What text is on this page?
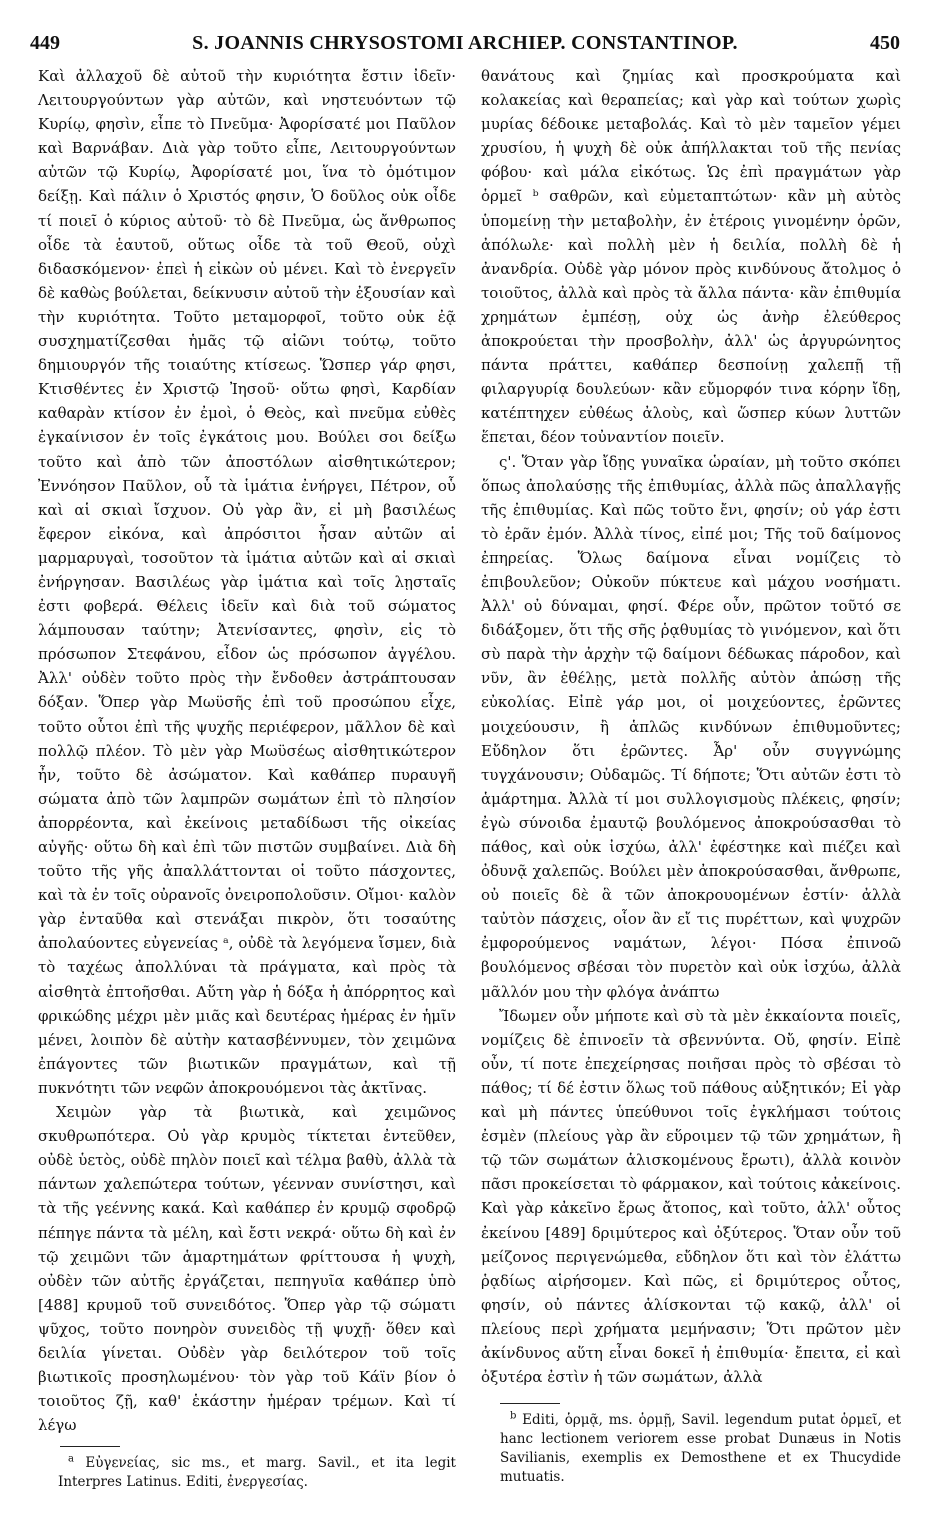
449	S. JOANNIS CHRYSOSTOMI ARCHIEP. CONSTANTINOP.	450

Καὶ ἀλλαχοῦ δὲ αὐτοῦ τὴν κυριότητα ἔστιν ἰδεῖν· Λειτουργούντων γὰρ αὐτῶν, καὶ νηστευόντων τῷ Κυρίῳ, φησὶν, εἶπε τὸ Πνεῦμα· Ἀφορίσατέ μοι Παῦλον καὶ Βαρνάβαν. Διὰ γὰρ τοῦτο εἶπε, Λειτουργούντων αὐτῶν τῷ Κυρίῳ, Ἀφορίσατέ μοι, ἵνα τὸ ὁμότιμον δείξῃ. Καὶ πάλιν ὁ Χριστός φησιν, Ὁ δοῦλος οὐκ οἶδε τί ποιεῖ ὁ κύριος αὐτοῦ· τὸ δὲ Πνεῦμα, ὡς ἄνθρωπος οἶδε τὰ ἑαυτοῦ, οὕτως οἶδε τὰ τοῦ Θεοῦ, οὐχὶ διδασκόμενον· ἐπεὶ ἡ εἰκὼν οὐ μένει. Καὶ τὸ ἐνεργεῖν δὲ καθὼς βούλεται, δείκνυσιν αὐτοῦ τὴν ἐξουσίαν καὶ τὴν κυριότητα. Τοῦτο μεταμορφοῖ, τοῦτο οὐκ ἐᾷ συσχηματίζεσθαι ἡμᾶς τῷ αἰῶνι τούτῳ, τοῦτο δημιουργόν τῆς τοιαύτης κτίσεως. Ὥσπερ γάρ φησι, Κτισθέντες ἐν Χριστῷ Ἰησοῦ· οὕτω φησὶ, Καρδίαν καθαρὰν κτίσον ἐν ἐμοὶ, ὁ Θεὸς, καὶ πνεῦμα εὐθὲς ἐγκαίνισον ἐν τοῖς ἐγκάτοις μου. Βούλει σοι δείξω τοῦτο καὶ ἀπὸ τῶν ἀποστόλων αἰσθητικώτερον; Ἐννόησον Παῦλον, οὗ τὰ ἱμάτια ἐνήργει, Πέτρον, οὗ καὶ αἱ σκιαὶ ἴσχυον. Οὐ γὰρ ἂν, εἰ μὴ βασιλέως ἔφερον εἰκόνα, καὶ ἀπρόσιτοι ἦσαν αὐτῶν αἱ μαρμαρυγαὶ, τοσοῦτον τὰ ἱμάτια αὐτῶν καὶ αἱ σκιαὶ ἐνήργησαν. Βασιλέως γὰρ ἱμάτια καὶ τοῖς λῃσταῖς ἐστι φοβερά. Θέλεις ἰδεῖν καὶ διὰ τοῦ σώματος λάμπουσαν ταύτην; Ἀτενίσαντες, φησὶν, εἰς τὸ πρόσωπον Στεφάνου, εἶδον ὡς πρόσωπον ἀγγέλου. Ἀλλ' οὐδὲν τοῦτο πρὸς τὴν ἔνδοθεν ἀστράπτουσαν δόξαν. Ὅπερ γὰρ Μωϋσῆς ἐπὶ τοῦ προσώπου εἶχε, τοῦτο οὗτοι ἐπὶ τῆς ψυχῆς περιέφερον, μᾶλλον δὲ καὶ πολλῷ πλέον. Τὸ μὲν γὰρ Μωϋσέως αἰσθητικώτερον ἦν, τοῦτο δὲ ἀσώματον. Καὶ καθάπερ πυραυγῆ σώματα ἀπὸ τῶν λαμπρῶν σωμάτων ἐπὶ τὸ πλησίον ἀπορρέοντα, καὶ ἐκείνοις μεταδίδωσι τῆς οἰκείας αὐγῆς· οὕτω δὴ καὶ ἐπὶ τῶν πιστῶν συμβαίνει. Διὰ δὴ τοῦτο τῆς γῆς ἀπαλλάττονται οἱ τοῦτο πάσχοντες, καὶ τὰ ἐν τοῖς οὐρανοῖς ὀνειροπολοῦσιν. Οἴμοι· καλὸν γὰρ ἐνταῦθα καὶ στενάξαι πικρὸν, ὅτι τοσαύτης ἀπολαύοντες εὐγενείας ᵃ, οὐδὲ τὰ λεγόμενα ἴσμεν, διὰ τὸ ταχέως ἀπολλύναι τὰ πράγματα, καὶ πρὸς τὰ αἰσθητὰ ἐπτοῆσθαι. Αὕτη γὰρ ἡ δόξα ἡ ἀπόρρητος καὶ φρικώδης μέχρι μὲν μιᾶς καὶ δευτέρας ἡμέρας ἐν ἡμῖν μένει, λοιπὸν δὲ αὐτὴν κατασβέννυμεν, τὸν χειμῶνα ἐπάγοντες τῶν βιωτικῶν πραγμάτων, καὶ τῇ πυκνότητι τῶν νεφῶν ἀποκρουόμενοι τὰς ἀκτῖνας.

Χειμὼν γὰρ τὰ βιωτικὰ, καὶ χειμῶνος σκυθρωπότερα. Οὐ γὰρ κρυμὸς τίκτεται ἐντεῦθεν, οὐδὲ ὑετὸς, οὐδὲ πηλὸν ποιεῖ καὶ τέλμα βαθὺ, ἀλλὰ τὰ πάντων χαλεπώτερα τούτων, γέενναν συνίστησι, καὶ τὰ τῆς γεέννης κακά. Καὶ καθάπερ ἐν κρυμῷ σφοδρῷ πέπηγε πάντα τὰ μέλη, καὶ ἔστι νεκρά· οὕτω δὴ καὶ ἐν τῷ χειμῶνι τῶν ἁμαρτημάτων φρίττουσα ἡ ψυχὴ, οὐδὲν τῶν αὐτῆς ἐργάζεται, πεπηγυῖα καθάπερ ὑπὸ [488] κρυμοῦ τοῦ συνειδότος. Ὅπερ γὰρ τῷ σώματι ψῦχος, τοῦτο πονηρὸν συνειδὸς τῇ ψυχῇ· ὅθεν καὶ δειλία γίνεται. Οὐδὲν γὰρ δειλότερον τοῦ τοῖς βιωτικοῖς προσηλωμένου· τὸν γὰρ τοῦ Κάϊν βίον ὁ τοιοῦτος ζῇ, καθ' ἑκάστην ἡμέραν τρέμων. Καὶ τί λέγω

θανάτους καὶ ζημίας καὶ προσκρούματα καὶ κολακείας καὶ θεραπείας; καὶ γὰρ καὶ τούτων χωρὶς μυρίας δέδοικε μεταβολάς. Καὶ τὸ μὲν ταμεῖον γέμει χρυσίου, ἡ ψυχὴ δὲ οὐκ ἀπήλλακται τοῦ τῆς πενίας φόβου· καὶ μάλα εἰκότως. Ὡς ἐπὶ πραγμάτων γὰρ ὁρμεῖ ᵇ σαθρῶν, καὶ εὐμεταπτώτων· κἂν μὴ αὐτὸς ὑπομείνῃ τὴν μεταβολὴν, ἐν ἑτέροις γινομένην ὁρῶν, ἀπόλωλε· καὶ πολλὴ μὲν ἡ δειλία, πολλὴ δὲ ἡ ἀνανδρία. Οὐδὲ γὰρ μόνον πρὸς κινδύνους ἄτολμος ὁ τοιοῦτος, ἀλλὰ καὶ πρὸς τὰ ἄλλα πάντα· κἂν ἐπιθυμία χρημάτων ἐμπέσῃ, οὐχ ὡς ἀνὴρ ἐλεύθερος ἀποκρούεται τὴν προσβολὴν, ἀλλ' ὡς ἀργυρώνητος πάντα πράττει, καθάπερ δεσποίνῃ χαλεπῇ τῇ φιλαργυρίᾳ δουλεύων· κἂν εὔμορφόν τινα κόρην ἴδῃ, κατέπτηχεν εὐθέως ἀλοὺς, καὶ ὥσπερ κύων λυττῶν ἕπεται, δέον τοὐναντίον ποιεῖν.

ς'. Ὅταν γὰρ ἴδῃς γυναῖκα ὡραίαν, μὴ τοῦτο σκόπει ὅπως ἀπολαύσῃς τῆς ἐπιθυμίας, ἀλλὰ πῶς ἀπαλλαγῇς τῆς ἐπιθυμίας. Καὶ πῶς τοῦτο ἔνι, φησίν; οὐ γάρ ἐστι τὸ ἐρᾶν ἐμόν. Ἀλλὰ τίνος, εἰπέ μοι; Τῆς τοῦ δαίμονος ἐπηρείας. Ὅλως δαίμονα εἶναι νομίζεις τὸ ἐπιβουλεῦον; Οὐκοῦν πύκτευε καὶ μάχου νοσήματι. Ἀλλ' οὐ δύναμαι, φησί. Φέρε οὖν, πρῶτον τοῦτό σε διδάξομεν, ὅτι τῆς σῆς ῥᾳθυμίας τὸ γινόμενον, καὶ ὅτι σὺ παρὰ τὴν ἀρχὴν τῷ δαίμονι δέδωκας πάροδον, καὶ νῦν, ἂν ἐθέλῃς, μετὰ πολλῆς αὐτὸν ἀπώσῃ τῆς εὐκολίας. Εἰπὲ γάρ μοι, οἱ μοιχεύοντες, ἐρῶντες μοιχεύουσιν, ἢ ἁπλῶς κινδύνων ἐπιθυμοῦντες; Εὔδηλον ὅτι ἐρῶντες. Ἆρ' οὖν συγγνώμης τυγχάνουσιν; Οὐδαμῶς. Τί δήποτε; Ὅτι αὐτῶν ἐστι τὸ ἁμάρτημα. Ἀλλὰ τί μοι συλλογισμοὺς πλέκεις, φησίν; ἐγὼ σύνοιδα ἐμαυτῷ βουλόμενος ἀποκρούσασθαι τὸ πάθος, καὶ οὐκ ἰσχύω, ἀλλ' ἐφέστηκε καὶ πιέζει καὶ ὀδυνᾷ χαλεπῶς. Βούλει μὲν ἀποκρούσασθαι, ἄνθρωπε, οὐ ποιεῖς δὲ ἃ τῶν ἀποκρουομένων ἐστίν· ἀλλὰ ταὐτὸν πάσχεις, οἷον ἂν εἴ τις πυρέττων, καὶ ψυχρῶν ἐμφορούμενος ναμάτων, λέγοι· Πόσα ἐπινοῶ βουλόμενος σβέσαι τὸν πυρετὸν καὶ οὐκ ἰσχύω, ἀλλὰ μᾶλλόν μου τὴν φλόγα ἀνάπτω

Ἴδωμεν οὖν μήποτε καὶ σὺ τὰ μὲν ἐκκαίοντα ποιεῖς, νομίζεις δὲ ἐπινοεῖν τὰ σβεννύντα. Οὔ, φησίν. Εἰπὲ οὖν, τί ποτε ἐπεχείρησας ποιῆσαι πρὸς τὸ σβέσαι τὸ πάθος; τί δέ ἐστιν ὅλως τοῦ πάθους αὐξητικόν; Εἰ γὰρ καὶ μὴ πάντες ὑπεύθυνοι τοῖς ἐγκλήμασι τούτοις ἐσμὲν (πλείους γὰρ ἂν εὕροιμεν τῷ τῶν χρημάτων, ἢ τῷ τῶν σωμάτων ἁλισκομένους ἔρωτι), ἀλλὰ κοινὸν πᾶσι προκείσεται τὸ φάρμακον, καὶ τούτοις κἀκείνοις. Καὶ γὰρ κἀκεῖνο ἔρως ἄτοπος, καὶ τοῦτο, ἀλλ' οὗτος ἐκείνου [489] δριμύτερος καὶ ὀξύτερος. Ὅταν οὖν τοῦ μείζονος περιγενώμεθα, εὔδηλον ὅτι καὶ τὸν ἐλάττω ῥᾳδίως αἱρήσομεν. Καὶ πῶς, εἰ δριμύτερος οὗτος, φησίν, οὐ πάντες ἁλίσκονται τῷ κακῷ, ἀλλ' οἱ πλείους περὶ χρήματα μεμήνασιν; Ὅτι πρῶτον μὲν ἀκίνδυνος αὕτη εἶναι δοκεῖ ἡ ἐπιθυμία· ἔπειτα, εἰ καὶ ὀξυτέρα ἐστὶν ἡ τῶν σωμάτων, ἀλλὰ

$^a$ Εὐγενείας, sic ms., et marg. Savil., et ita legit Interpres Latinus. Editi, ἐνεργεσίας.

$^b$ Editi, ὁρμᾷ, ms. ὁρμῇ, Savil. legendum putat ὁρμεῖ, et hanc lectionem veriorem esse probat Dunæus in Notis Savilianis, exemplis ex Demosthene et ex Thucydide mutuatis.
